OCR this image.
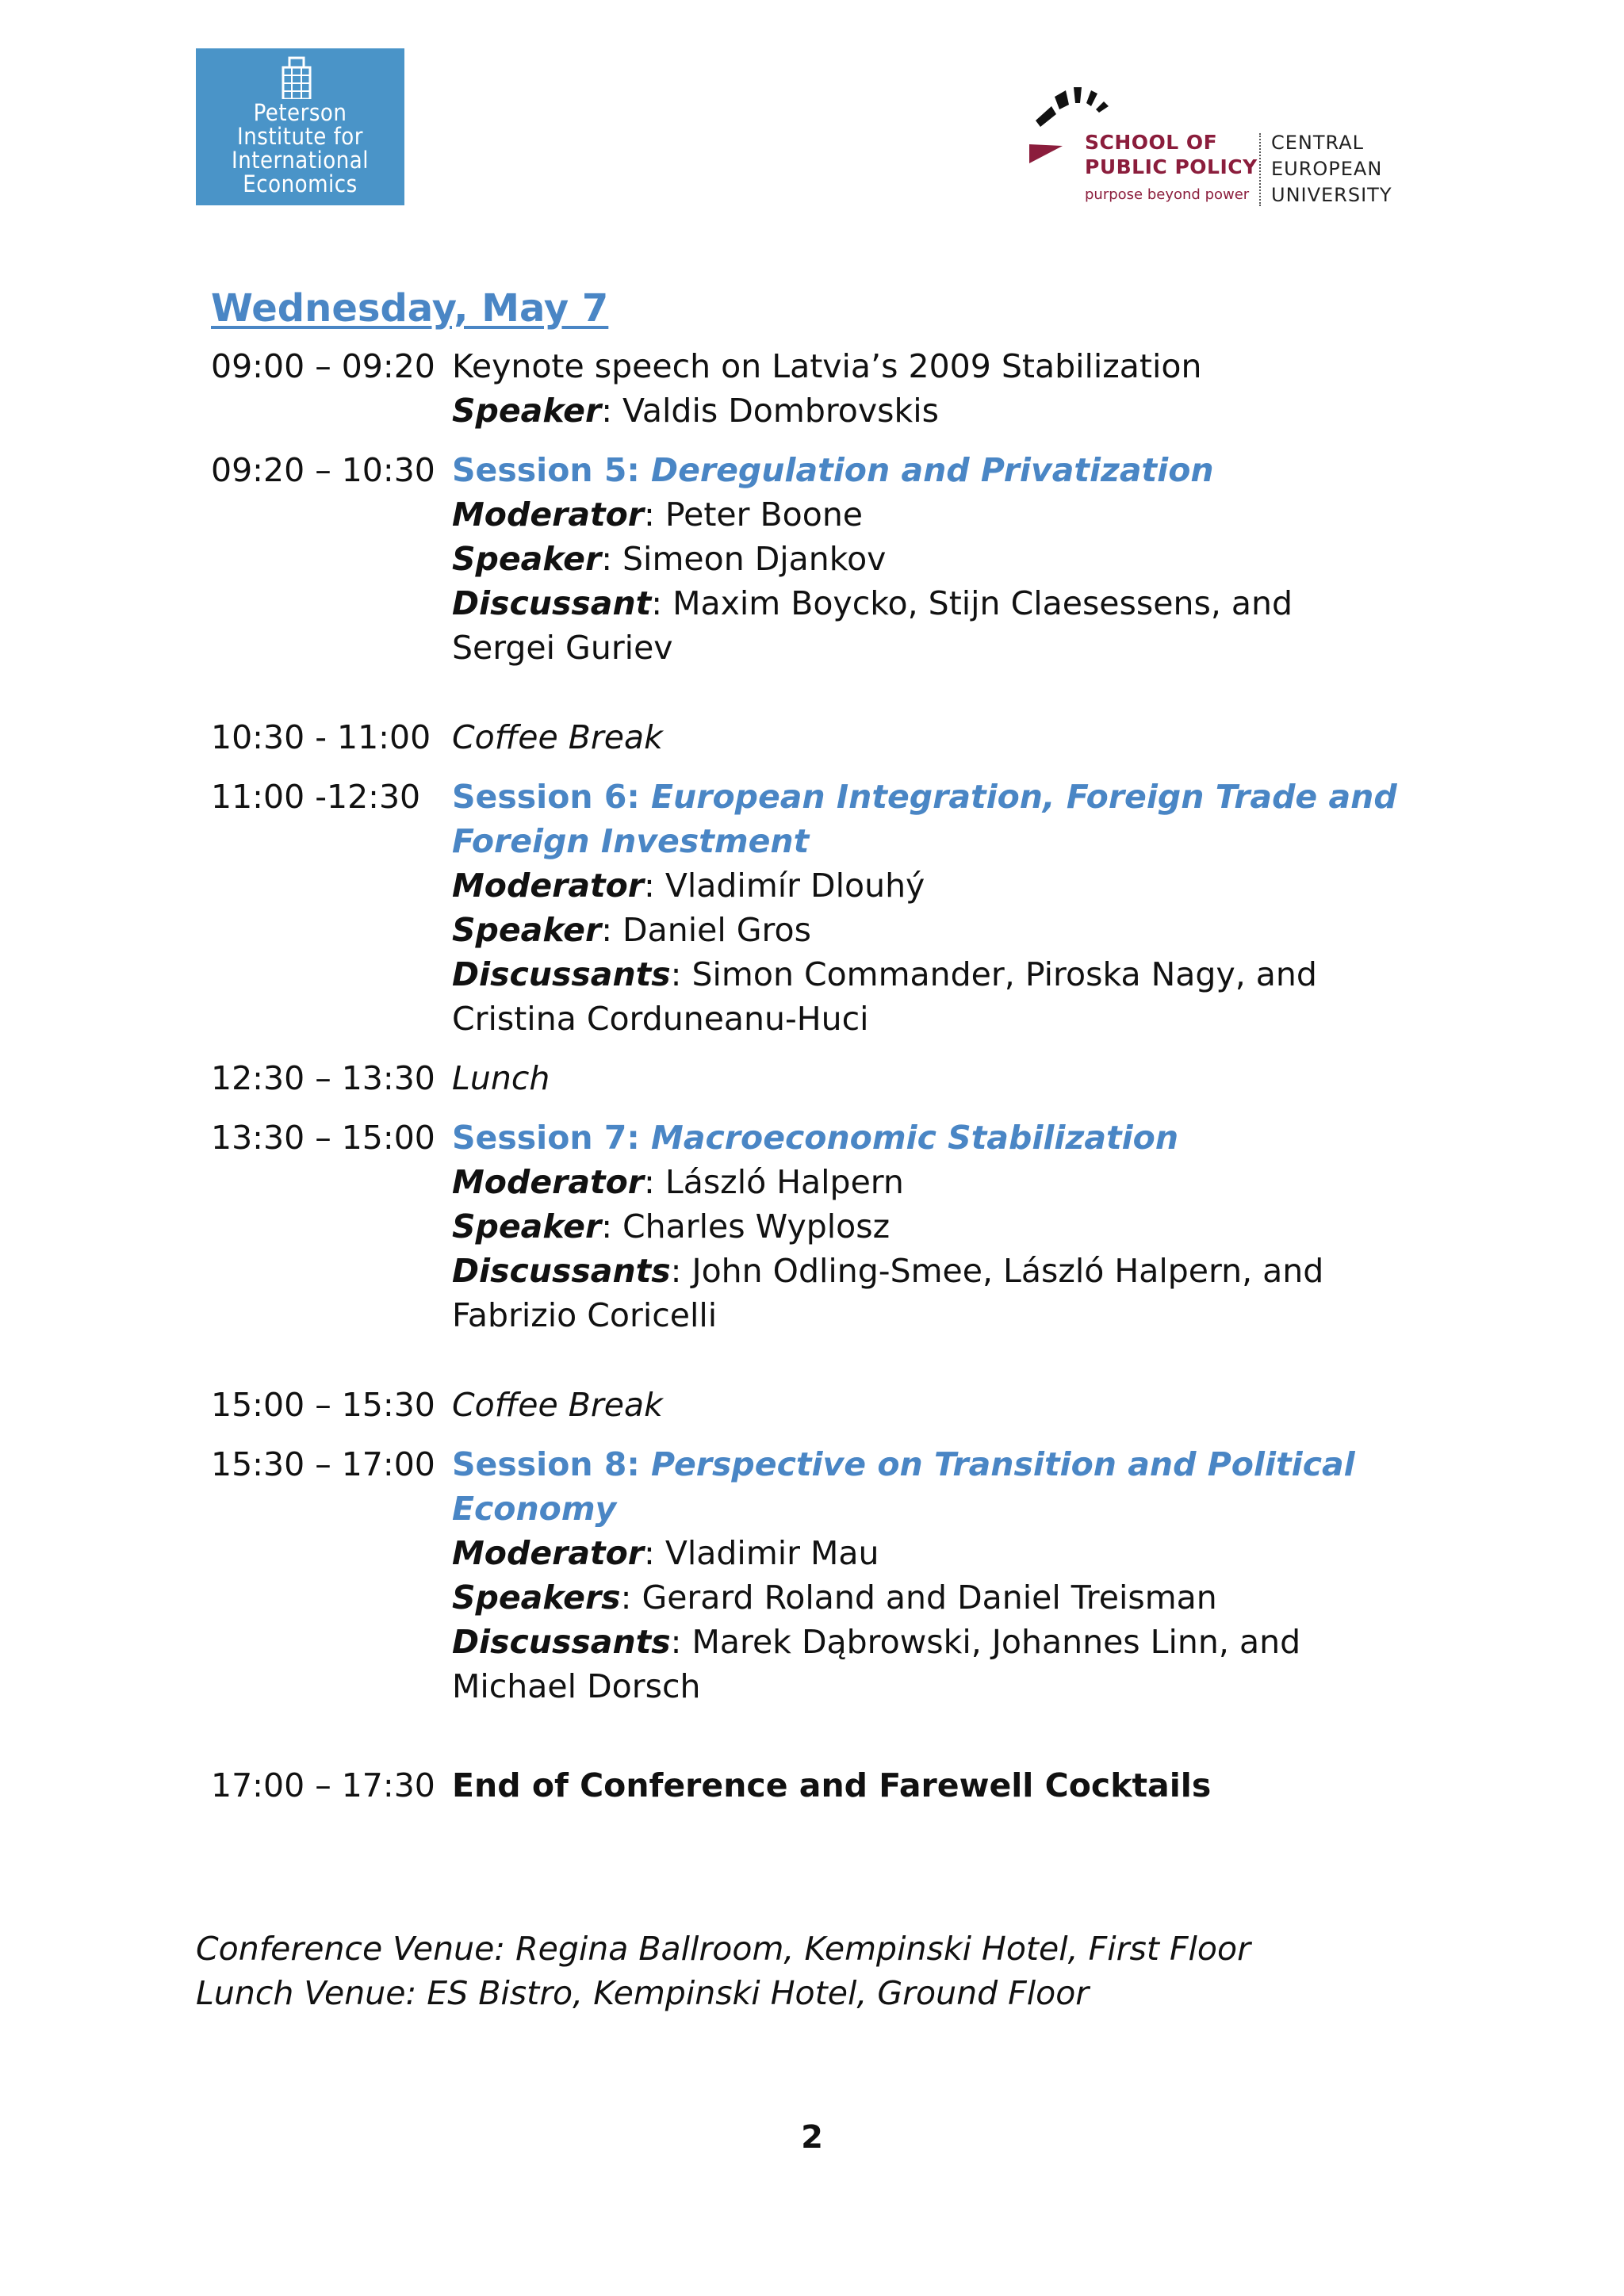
Peterson
Institute for
International
Economics
SCHOOL OF
PUBLIC POLICY
purpose beyond power
CENTRAL
EUROPEAN
UNIVERSITY
Wednesday, May 7
09:00 – 09:20 Keynote speech on Latvia’s 2009 Stabilization
Speaker: Valdis Dombrovskis
09:20 – 10:30 Session 5: Deregulation and Privatization
Moderator: Peter Boone
Speaker: Simeon Djankov
Discussant: Maxim Boycko, Stijn Claesessens, and Sergei Guriev
10:30 - 11:00 Coffee Break
11:00 -12:30 Session 6: European Integration, Foreign Trade and Foreign Investment
Moderator: Vladimír Dlouhý
Speaker: Daniel Gros
Discussants: Simon Commander, Piroska Nagy, and Cristina Corduneanu-Huci
12:30 – 13:30 Lunch
13:30 – 15:00 Session 7: Macroeconomic Stabilization
Moderator: László Halpern
Speaker: Charles Wyplosz
Discussants: John Odling-Smee, László Halpern, and Fabrizio Coricelli
15:00 – 15:30 Coffee Break
15:30 – 17:00 Session 8: Perspective on Transition and Political Economy
Moderator: Vladimir Mau
Speakers: Gerard Roland and Daniel Treisman
Discussants: Marek Dąbrowski, Johannes Linn, and Michael Dorsch
17:00 – 17:30 End of Conference and Farewell Cocktails
Conference Venue: Regina Ballroom, Kempinski Hotel, First Floor
Lunch Venue: ES Bistro, Kempinski Hotel, Ground Floor
2
